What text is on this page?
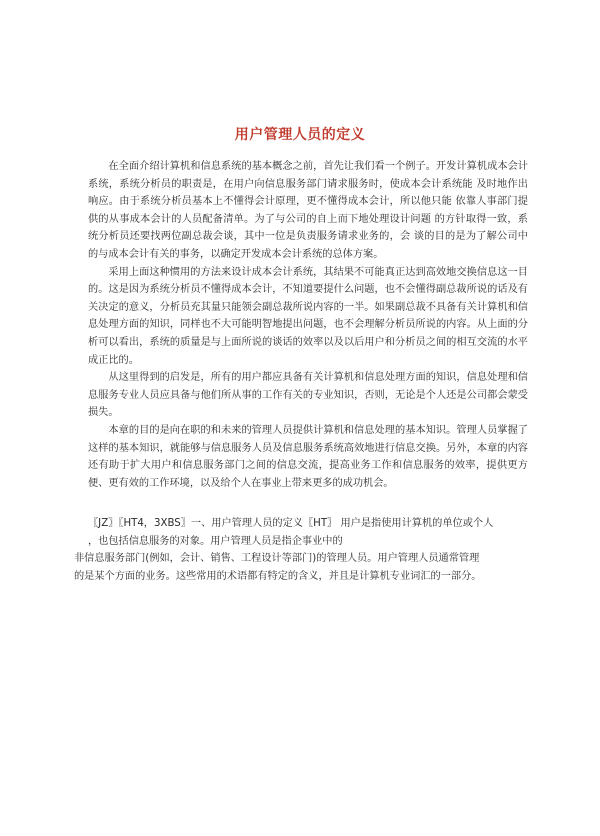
用户管理人员的定义

在全面介绍计算机和信息系统的基本概念之前，首先让我们看一个例子。开发计算机成本会计系统，系统分析员的职责是，在用户向信息服务部门请求服务时，使成本会计系统能 及时地作出响应。由于系统分析员基本上不懂得会计原理，更不懂得成本会计，所以他只能 依靠人事部门提供的从事成本会计的人员配备清单。为了与公司的自上而下地处理设计问题 的方针取得一致，系统分析员还要找两位副总裁会谈，其中一位是负责服务请求业务的，会 谈的目的是为了解公司中的与成本会计有关的事务，以确定开发成本会计系统的总体方案。

采用上面这种惯用的方法来设计成本会计系统，其结果不可能真正达到高效地交换信息这一目的。这是因为系统分析员不懂得成本会计，不知道要提什么问题，也不会懂得副总裁所说的话及有关决定的意义，分析员充其量只能领会副总裁所说内容的一半。如果副总裁不具备有关计算机和信息处理方面的知识，同样也不大可能明智地提出问题，也不会理解分析员所说的内容。从上面的分析可以看出，系统的质量是与上面所说的谈话的效率以及以后用户和分析员之间的相互交流的水平成正比的。

从这里得到的启发是，所有的用户都应具备有关计算机和信息处理方面的知识，信息处理和信息服务专业人员应具备与他们所从事的工作有关的专业知识，否则，无论是个人还是公司都会蒙受损失。

本章的目的是向在职的和未来的管理人员提供计算机和信息处理的基本知识。管理人员掌握了这样的基本知识，就能够与信息服务人员及信息服务系统高效地进行信息交换。另外，本章的内容还有助于扩大用户和信息服务部门之间的信息交流，提高业务工作和信息服务的效率，提供更方便、更有效的工作环境，以及给个人在事业上带来更多的成功机会。

〖JZ〗〖HT4，3XBS〗一、用户管理人员的定义〖HT〗 用户是指使用计算机的单位或个人
，也包括信息服务的对象。用户管理人员是指企事业中的
非信息服务部门(例如，会计、销售、工程设计等部门)的管理人员。用户管理人员通常管理
的是某个方面的业务。这些常用的术语都有特定的含义，并且是计算机专业词汇的一部分。
